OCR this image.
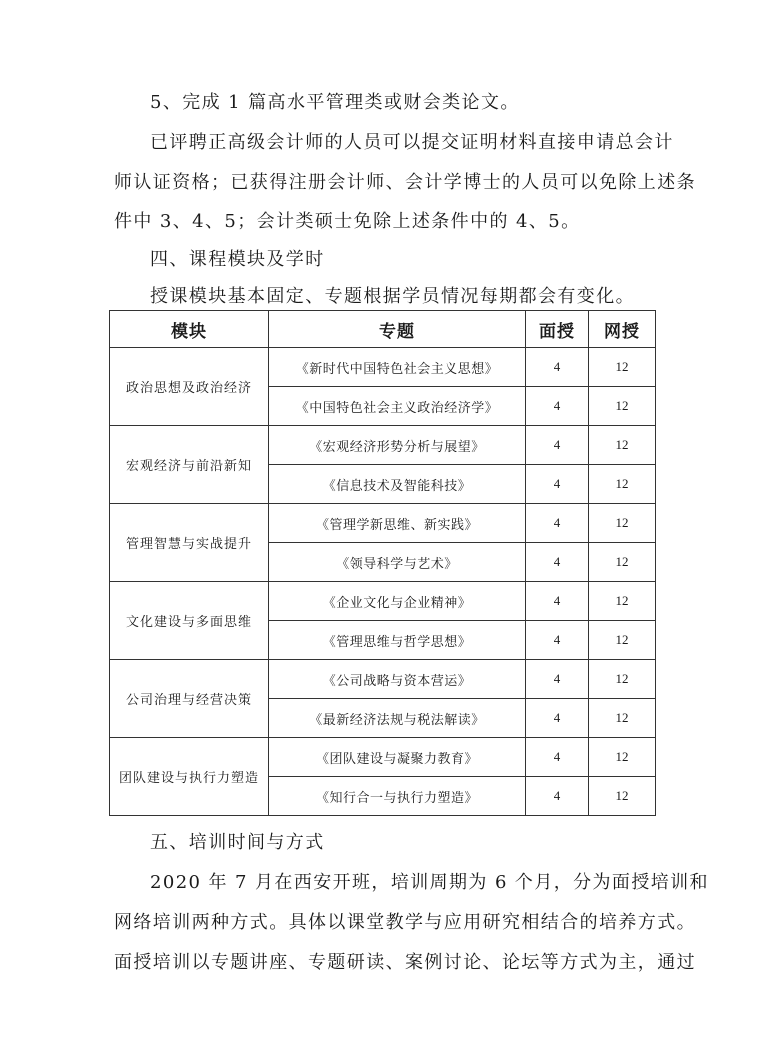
5、完成 1 篇高水平管理类或财会类论文。
已评聘正高级会计师的人员可以提交证明材料直接申请总会计
师认证资格；已获得注册会计师、会计学博士的人员可以免除上述条
件中 3、4、5；会计类硕士免除上述条件中的 4、5。
四、课程模块及学时
授课模块基本固定、专题根据学员情况每期都会有变化。
模块	专题	面授	网授
政治思想及政治经济	《新时代中国特色社会主义思想》	4	12
	《中国特色社会主义政治经济学》	4	12
宏观经济与前沿新知	《宏观经济形势分析与展望》	4	12
	《信息技术及智能科技》	4	12
管理智慧与实战提升	《管理学新思维、新实践》	4	12
	《领导科学与艺术》	4	12
文化建设与多面思维	《企业文化与企业精神》	4	12
	《管理思维与哲学思想》	4	12
公司治理与经营决策	《公司战略与资本营运》	4	12
	《最新经济法规与税法解读》	4	12
团队建设与执行力塑造	《团队建设与凝聚力教育》	4	12
	《知行合一与执行力塑造》	4	12
五、培训时间与方式
2020 年 7 月在西安开班，培训周期为 6 个月，分为面授培训和
网络培训两种方式。具体以课堂教学与应用研究相结合的培养方式。
面授培训以专题讲座、专题研读、案例讨论、论坛等方式为主，通过
